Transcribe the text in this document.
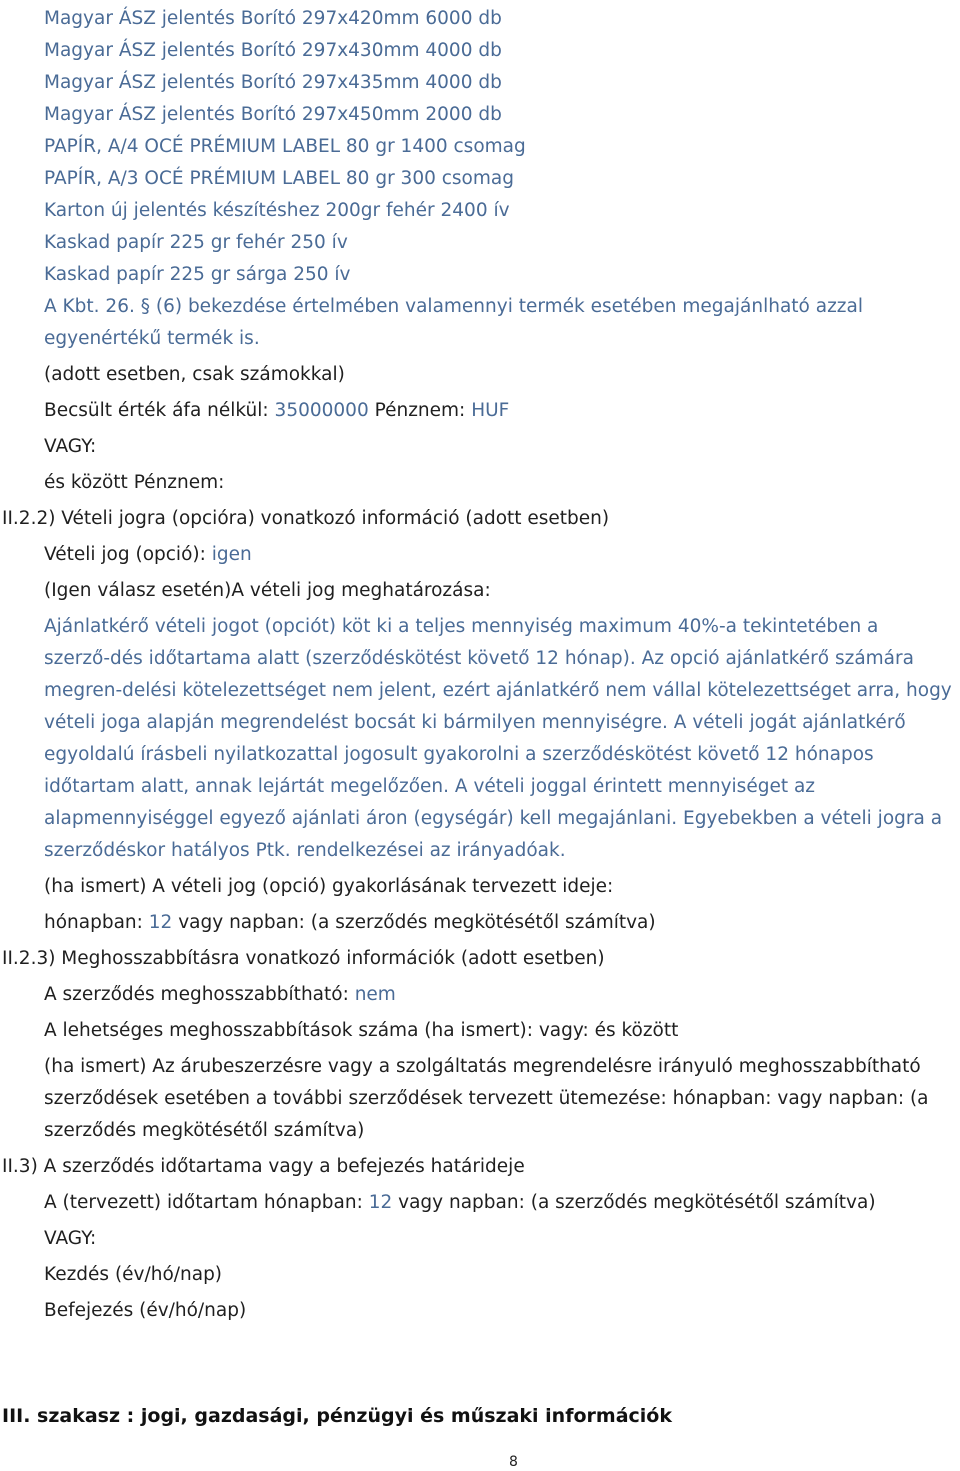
Magyar ÁSZ jelentés Borító 297x420mm 6000 db
Magyar ÁSZ jelentés Borító 297x430mm 4000 db
Magyar ÁSZ jelentés Borító 297x435mm 4000 db
Magyar ÁSZ jelentés Borító 297x450mm 2000 db
PAPÍR, A/4 OCÉ PRÉMIUM LABEL 80 gr 1400 csomag
PAPÍR, A/3 OCÉ PRÉMIUM LABEL 80 gr 300 csomag
Karton új jelentés készítéshez 200gr fehér 2400 ív
Kaskad papír 225 gr fehér 250 ív
Kaskad papír 225 gr sárga 250 ív
A Kbt. 26. § (6) bekezdése értelmében valamennyi termék esetében megajánlható azzal
egyenértékű termék is.
(adott esetben, csak számokkal)
Becsült érték áfa nélkül: 35000000 Pénznem: HUF
VAGY:
és között Pénznem:
II.2.2) Vételi jogra (opcióra) vonatkozó információ (adott esetben)
Vételi jog (opció): igen
(Igen válasz esetén)A vételi jog meghatározása:
Ajánlatkérő vételi jogot (opciót) köt ki a teljes mennyiség maximum 40%-a tekintetében a
szerző-dés időtartama alatt (szerződéskötést követő 12 hónap). Az opció ajánlatkérő számára
megren-delési kötelezettséget nem jelent, ezért ajánlatkérő nem vállal kötelezettséget arra, hogy
vételi joga alapján megrendelést bocsát ki bármilyen mennyiségre. A vételi jogát ajánlatkérő
egyoldalú írásbeli nyilatkozattal jogosult gyakorolni a szerződéskötést követő 12 hónapos
időtartam alatt, annak lejártát megelőzően. A vételi joggal érintett mennyiséget az
alapmennyiséggel egyező ajánlati áron (egységár) kell megajánlani. Egyebekben a vételi jogra a
szerződéskor hatályos Ptk. rendelkezései az irányadóak.
(ha ismert) A vételi jog (opció) gyakorlásának tervezett ideje:
hónapban: 12 vagy napban: (a szerződés megkötésétől számítva)
II.2.3) Meghosszabbításra vonatkozó információk (adott esetben)
A szerződés meghosszabbítható: nem
A lehetséges meghosszabbítások száma (ha ismert): vagy: és között
(ha ismert) Az árubeszerzésre vagy a szolgáltatás megrendelésre irányuló meghosszabbítható
szerződések esetében a további szerződések tervezett ütemezése: hónapban: vagy napban: (a
szerződés megkötésétől számítva)
II.3) A szerződés időtartama vagy a befejezés határideje
A (tervezett) időtartam hónapban: 12 vagy napban: (a szerződés megkötésétől számítva)
VAGY:
Kezdés (év/hó/nap)
Befejezés (év/hó/nap)
III. szakasz : jogi, gazdasági, pénzügyi és műszaki információk
8
